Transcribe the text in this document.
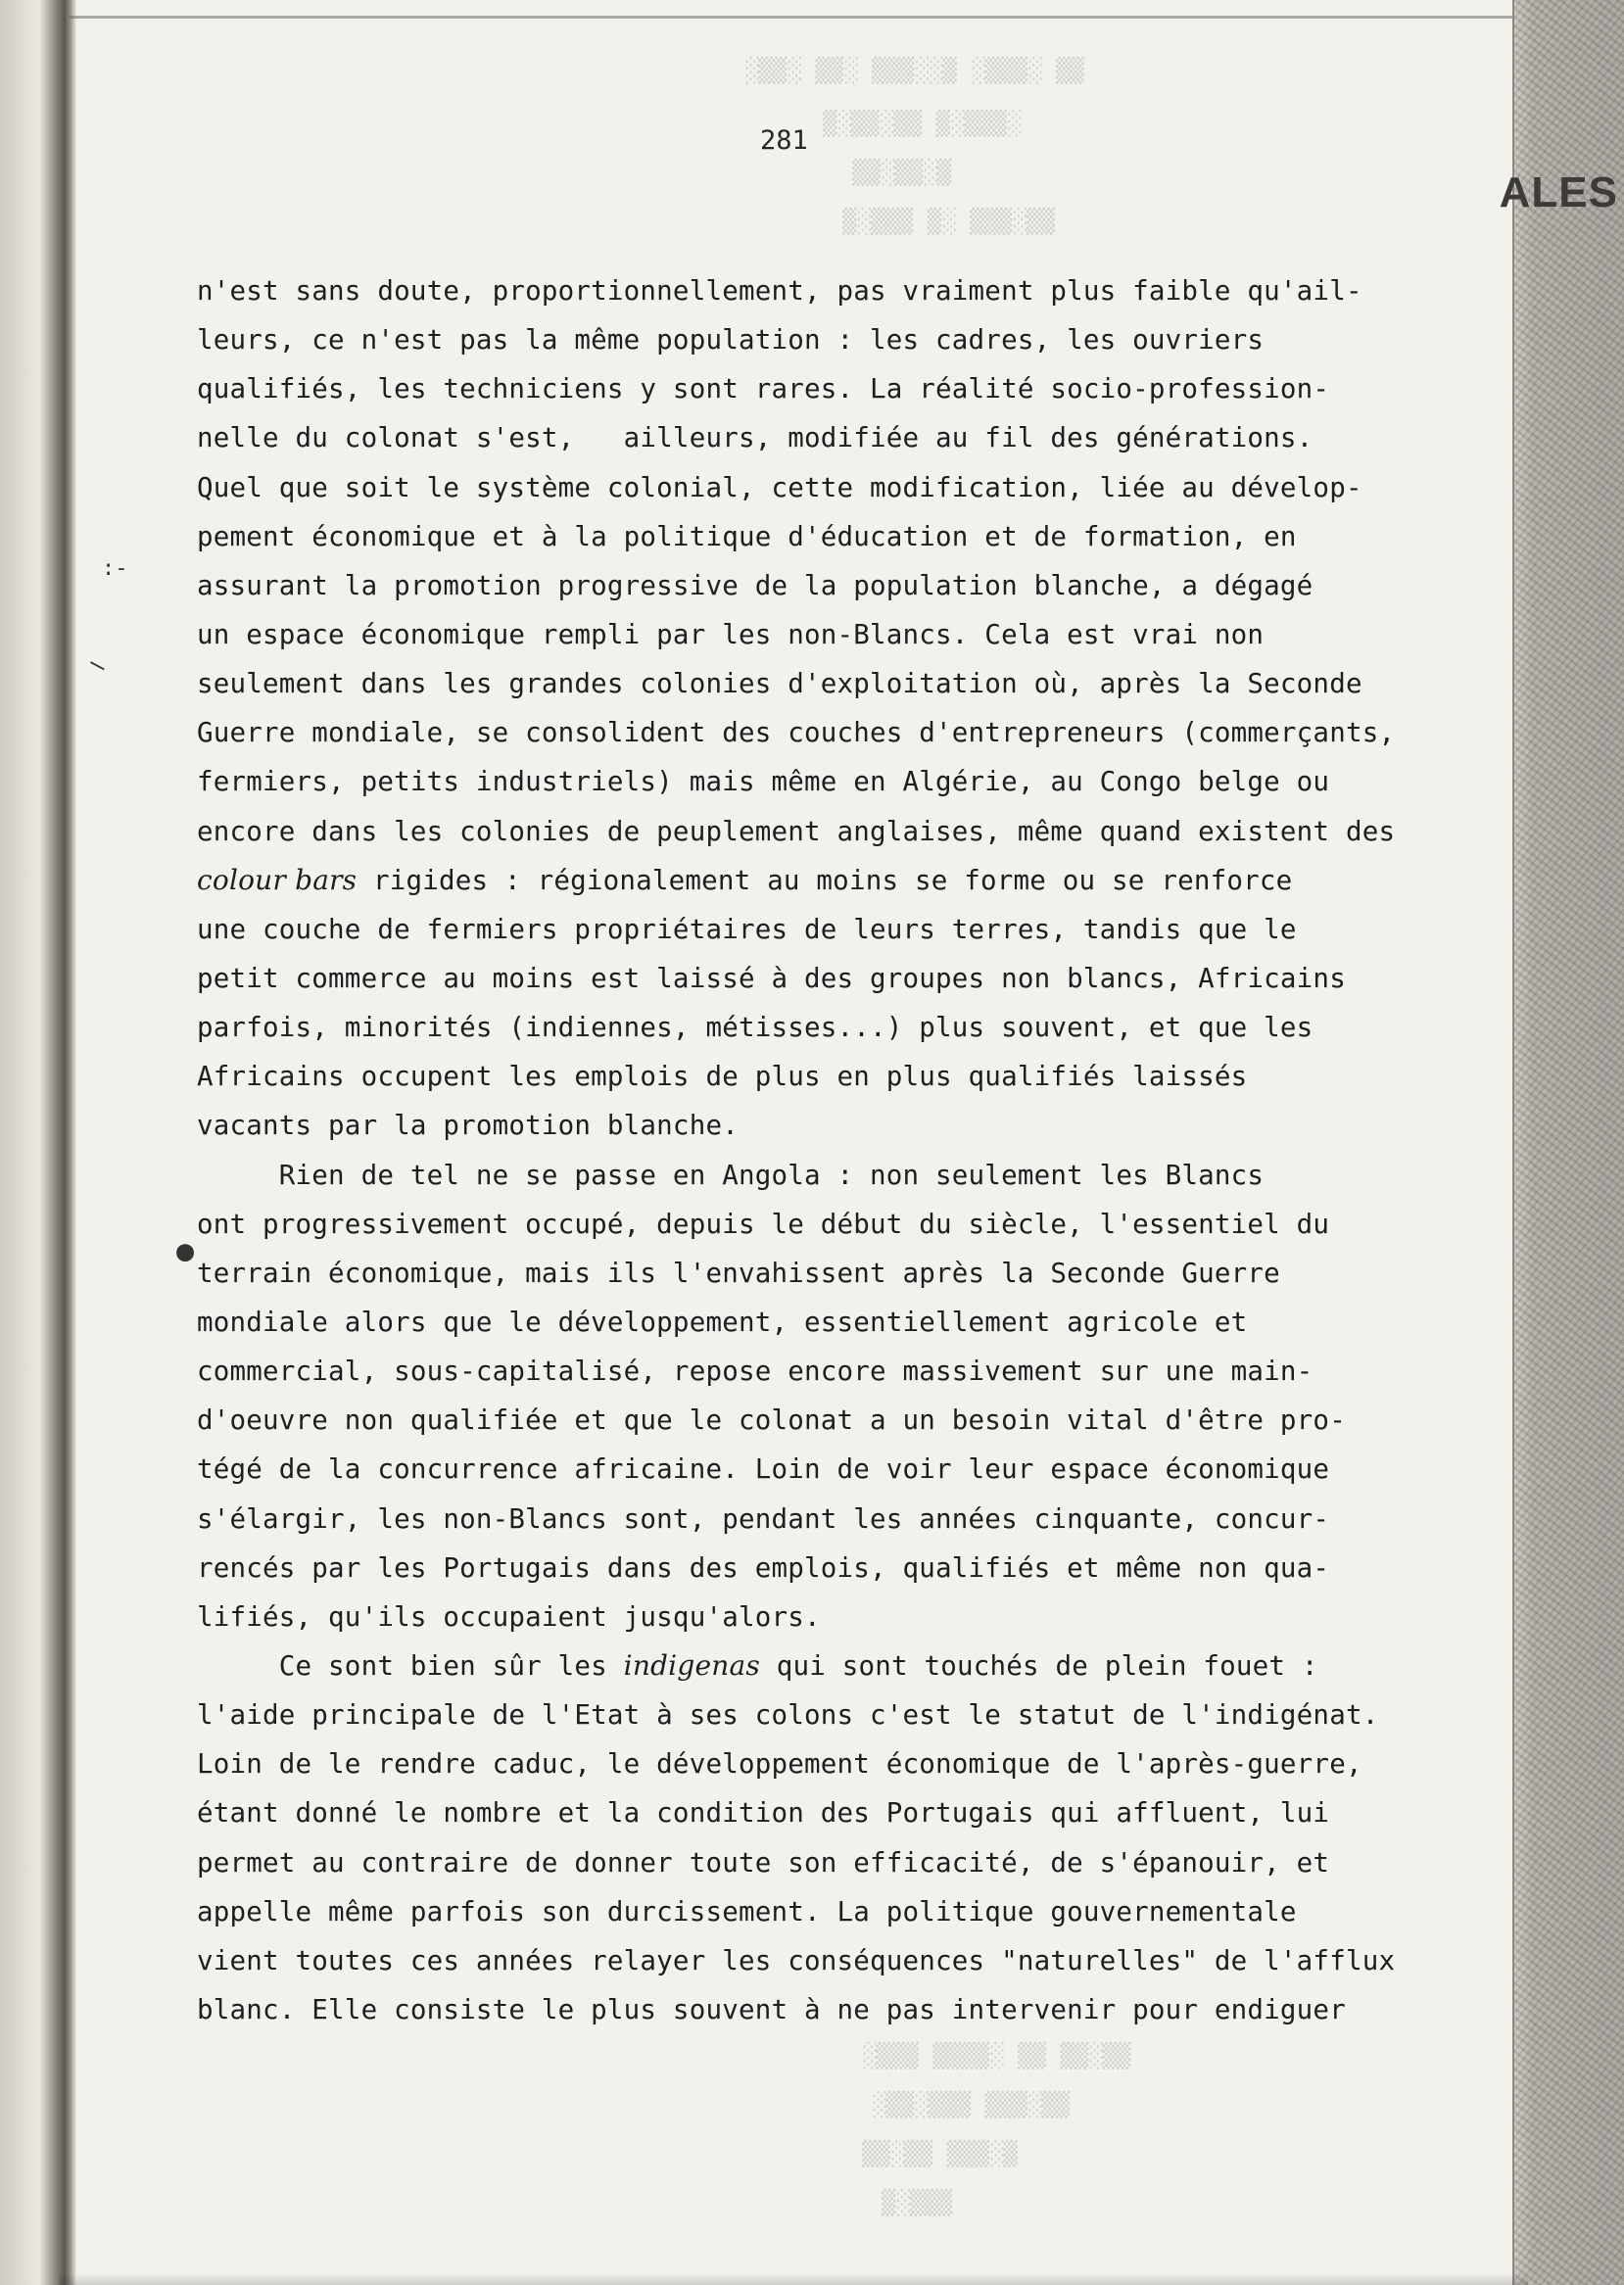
▒▒ ░▒▒▒░ ▒░░▒▒▒ ░▒▒ ░▒▒░
░▒▒▒░▒ ▒▒░▒▒░▒
▒░▒▒░▒▒
▒▒░▒▒▒ ░▒ ▒▒▒░▒
▒▒░▒▒ ▒▒ ░▒▒▒▒ ▒▒▒░
▒▒░▒▒▒ ▒▒▒░▒▒░
▒░▒▒▒ ▒▒░▒▒
▒▒▒░▒
281
ALES
:-
—
●
n'est sans doute, proportionnellement, pas vraiment plus faible qu'ail-
leurs, ce n'est pas la même population : les cadres, les ouvriers
qualifiés, les techniciens y sont rares. La réalité socio-profession-
nelle du colonat s'est,   ailleurs, modifiée au fil des générations.
Quel que soit le système colonial, cette modification, liée au dévelop-
pement économique et à la politique d'éducation et de formation, en
assurant la promotion progressive de la population blanche, a dégagé
un espace économique rempli par les non-Blancs. Cela est vrai non
seulement dans les grandes colonies d'exploitation où, après la Seconde
Guerre mondiale, se consolident des couches d'entrepreneurs (commerçants,
fermiers, petits industriels) mais même en Algérie, au Congo belge ou
encore dans les colonies de peuplement anglaises, même quand existent des
colour bars rigides : régionalement au moins se forme ou se renforce
une couche de fermiers propriétaires de leurs terres, tandis que le
petit commerce au moins est laissé à des groupes non blancs, Africains
parfois, minorités (indiennes, métisses...) plus souvent, et que les
Africains occupent les emplois de plus en plus qualifiés laissés
vacants par la promotion blanche.
Rien de tel ne se passe en Angola : non seulement les Blancs
ont progressivement occupé, depuis le début du siècle, l'essentiel du
terrain économique, mais ils l'envahissent après la Seconde Guerre
mondiale alors que le développement, essentiellement agricole et
commercial, sous-capitalisé, repose encore massivement sur une main-
d'oeuvre non qualifiée et que le colonat a un besoin vital d'être pro-
tégé de la concurrence africaine. Loin de voir leur espace économique
s'élargir, les non-Blancs sont, pendant les années cinquante, concur-
rencés par les Portugais dans des emplois, qualifiés et même non qua-
lifiés, qu'ils occupaient jusqu'alors.
Ce sont bien sûr les indigenas qui sont touchés de plein fouet :
l'aide principale de l'Etat à ses colons c'est le statut de l'indigénat.
Loin de le rendre caduc, le développement économique de l'après-guerre,
étant donné le nombre et la condition des Portugais qui affluent, lui
permet au contraire de donner toute son efficacité, de s'épanouir, et
appelle même parfois son durcissement. La politique gouvernementale
vient toutes ces années relayer les conséquences "naturelles" de l'afflux
blanc. Elle consiste le plus souvent à ne pas intervenir pour endiguer
